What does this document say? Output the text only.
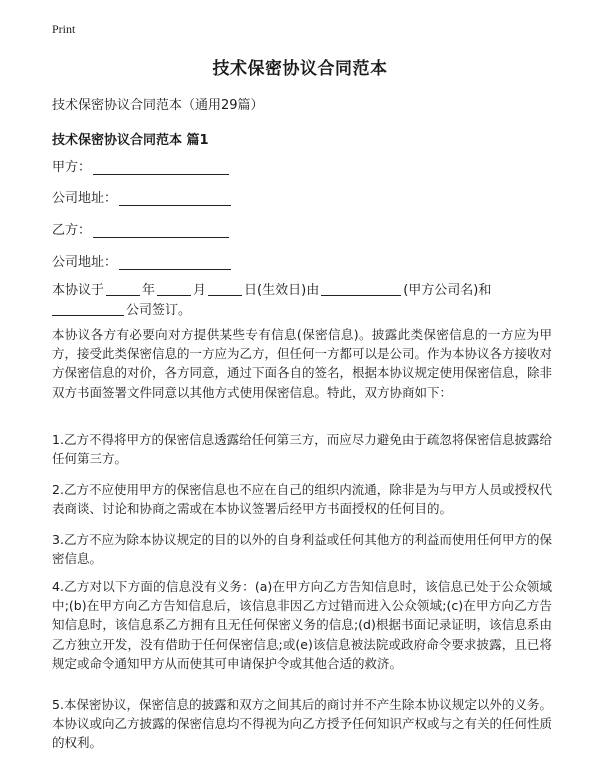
Print
技术保密协议合同范本
技术保密协议合同范本（通用29篇）
技术保密协议合同范本 篇1
甲方：
公司地址：
乙方：
公司地址：
本协议于	年	月	日(生效日)由	(甲方公司名)和
公司签订。

本协议各方有必要向对方提供某些专有信息(保密信息)。披露此类保密信息的一方应为甲方，接受此类保密信息的一方应为乙方，但任何一方都可以是公司。作为本协议各方接收对方保密信息的对价，各方同意，通过下面各自的签名，根据本协议规定使用保密信息，除非双方书面签署文件同意以其他方式使用保密信息。特此，双方协商如下：

1.乙方不得将甲方的保密信息透露给任何第三方，而应尽力避免由于疏忽将保密信息披露给任何第三方。

2.乙方不应使用甲方的保密信息也不应在自己的组织内流通，除非是为与甲方人员或授权代表商谈、讨论和协商之需或在本协议签署后经甲方书面授权的任何目的。

3.乙方不应为除本协议规定的目的以外的自身利益或任何其他方的利益而使用任何甲方的保密信息。

4.乙方对以下方面的信息没有义务：(a)在甲方向乙方告知信息时，该信息已处于公众领域中;(b)在甲方向乙方告知信息后，该信息非因乙方过错而进入公众领域;(c)在甲方向乙方告知信息时，该信息系乙方拥有且无任何保密义务的信息;(d)根据书面记录证明，该信息系由乙方独立开发，没有借助于任何保密信息;或(e)该信息被法院或政府命令要求披露，且已将规定或命令通知甲方从而使其可申请保护令或其他合适的救济。

5.本保密协议，保密信息的披露和双方之间其后的商讨并不产生除本协议规定以外的义务。本协议或向乙方披露的保密信息均不得视为向乙方授予任何知识产权或与之有关的任何性质的权利。
